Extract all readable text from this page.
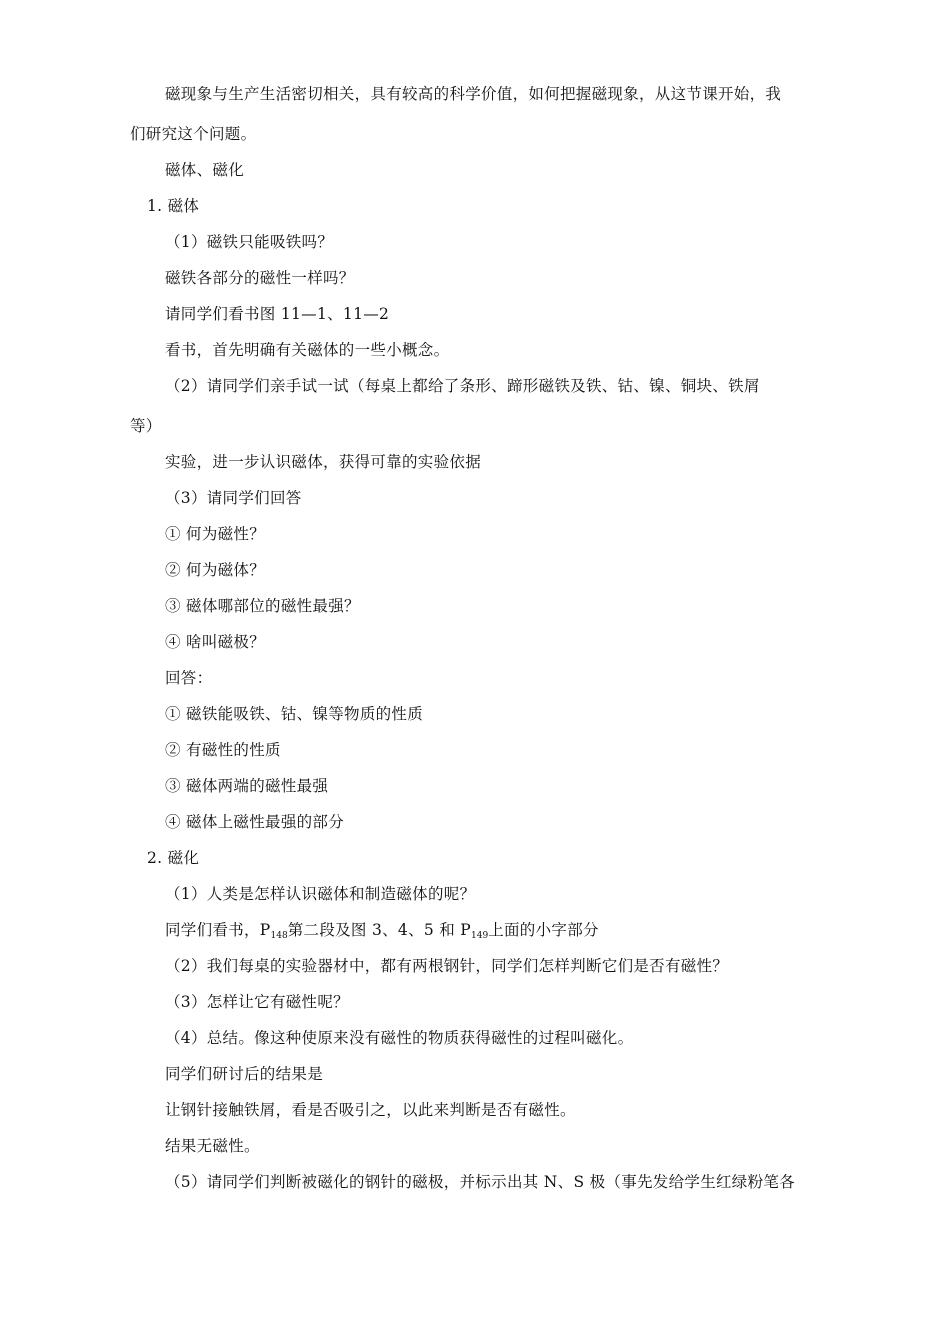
磁现象与生产生活密切相关，具有较高的科学价值，如何把握磁现象，从这节课开始，我
们研究这个问题。
磁体、磁化
1. 磁体
（1）磁铁只能吸铁吗？
磁铁各部分的磁性一样吗？
请同学们看书图 11—1、11—2
看书，首先明确有关磁体的一些小概念。
（2）请同学们亲手试一试（每桌上都给了条形、蹄形磁铁及铁、钴、镍、铜块、铁屑
等）
实验，进一步认识磁体，获得可靠的实验依据
（3）请同学们回答
① 何为磁性？
② 何为磁体？
③ 磁体哪部位的磁性最强？
④ 啥叫磁极？
回答：
① 磁铁能吸铁、钴、镍等物质的性质
② 有磁性的性质
③ 磁体两端的磁性最强
④ 磁体上磁性最强的部分
2. 磁化
（1）人类是怎样认识磁体和制造磁体的呢？
同学们看书，$P_{148}$第二段及图 3、4、5 和 $P_{149}$上面的小字部分
（2）我们每桌的实验器材中，都有两根钢针，同学们怎样判断它们是否有磁性？
（3）怎样让它有磁性呢？
（4）总结。像这种使原来没有磁性的物质获得磁性的过程叫磁化。
同学们研讨后的结果是
让钢针接触铁屑，看是否吸引之，以此来判断是否有磁性。
结果无磁性。
（5）请同学们判断被磁化的钢针的磁极，并标示出其 N、S 极（事先发给学生红绿粉笔各
